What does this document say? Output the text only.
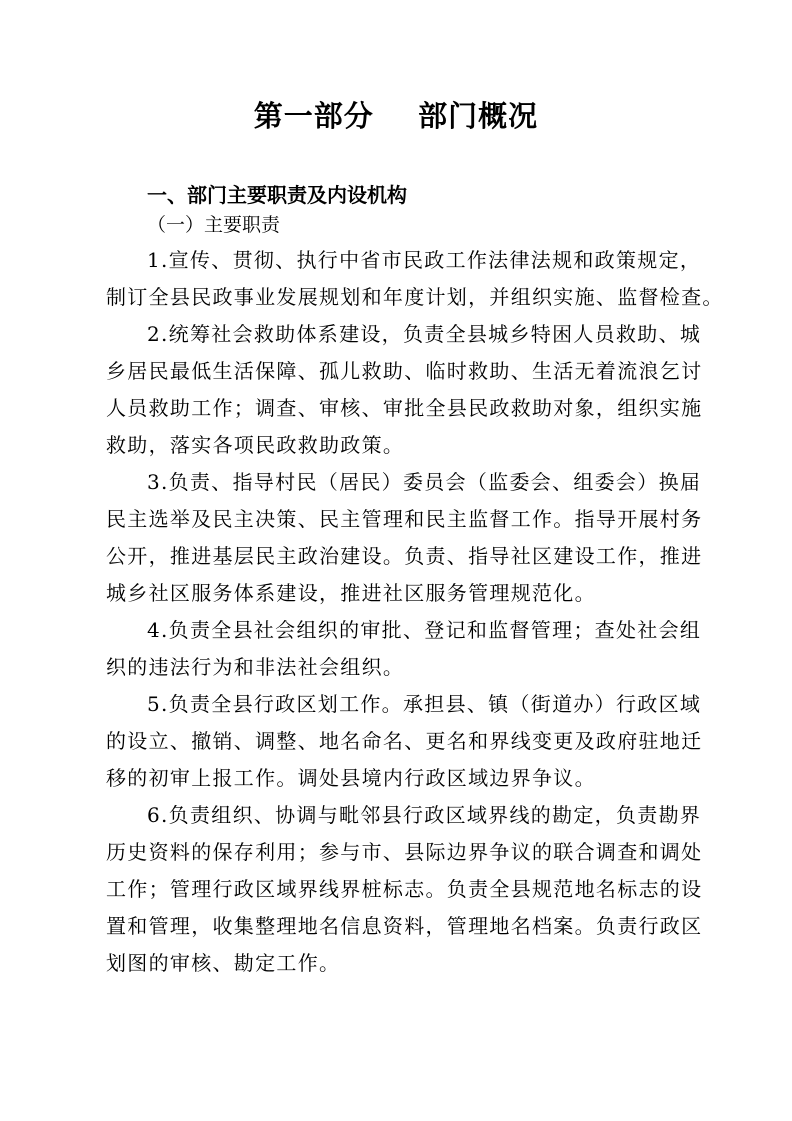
第一部分    部门概况
一、部门主要职责及内设机构
（一）主要职责
1.宣传、贯彻、执行中省市民政工作法律法规和政策规定，
制订全县民政事业发展规划和年度计划，并组织实施、监督检查。
2.统筹社会救助体系建设，负责全县城乡特困人员救助、城
乡居民最低生活保障、孤儿救助、临时救助、生活无着流浪乞讨
人员救助工作；调查、审核、审批全县民政救助对象，组织实施
救助，落实各项民政救助政策。
3.负责、指导村民（居民）委员会（监委会、组委会）换届
民主选举及民主决策、民主管理和民主监督工作。指导开展村务
公开，推进基层民主政治建设。负责、指导社区建设工作，推进
城乡社区服务体系建设，推进社区服务管理规范化。
4.负责全县社会组织的审批、登记和监督管理；查处社会组
织的违法行为和非法社会组织。
5.负责全县行政区划工作。承担县、镇（街道办）行政区域
的设立、撤销、调整、地名命名、更名和界线变更及政府驻地迁
移的初审上报工作。调处县境内行政区域边界争议。
6.负责组织、协调与毗邻县行政区域界线的勘定，负责勘界
历史资料的保存利用；参与市、县际边界争议的联合调查和调处
工作；管理行政区域界线界桩标志。负责全县规范地名标志的设
置和管理，收集整理地名信息资料，管理地名档案。负责行政区
划图的审核、勘定工作。
